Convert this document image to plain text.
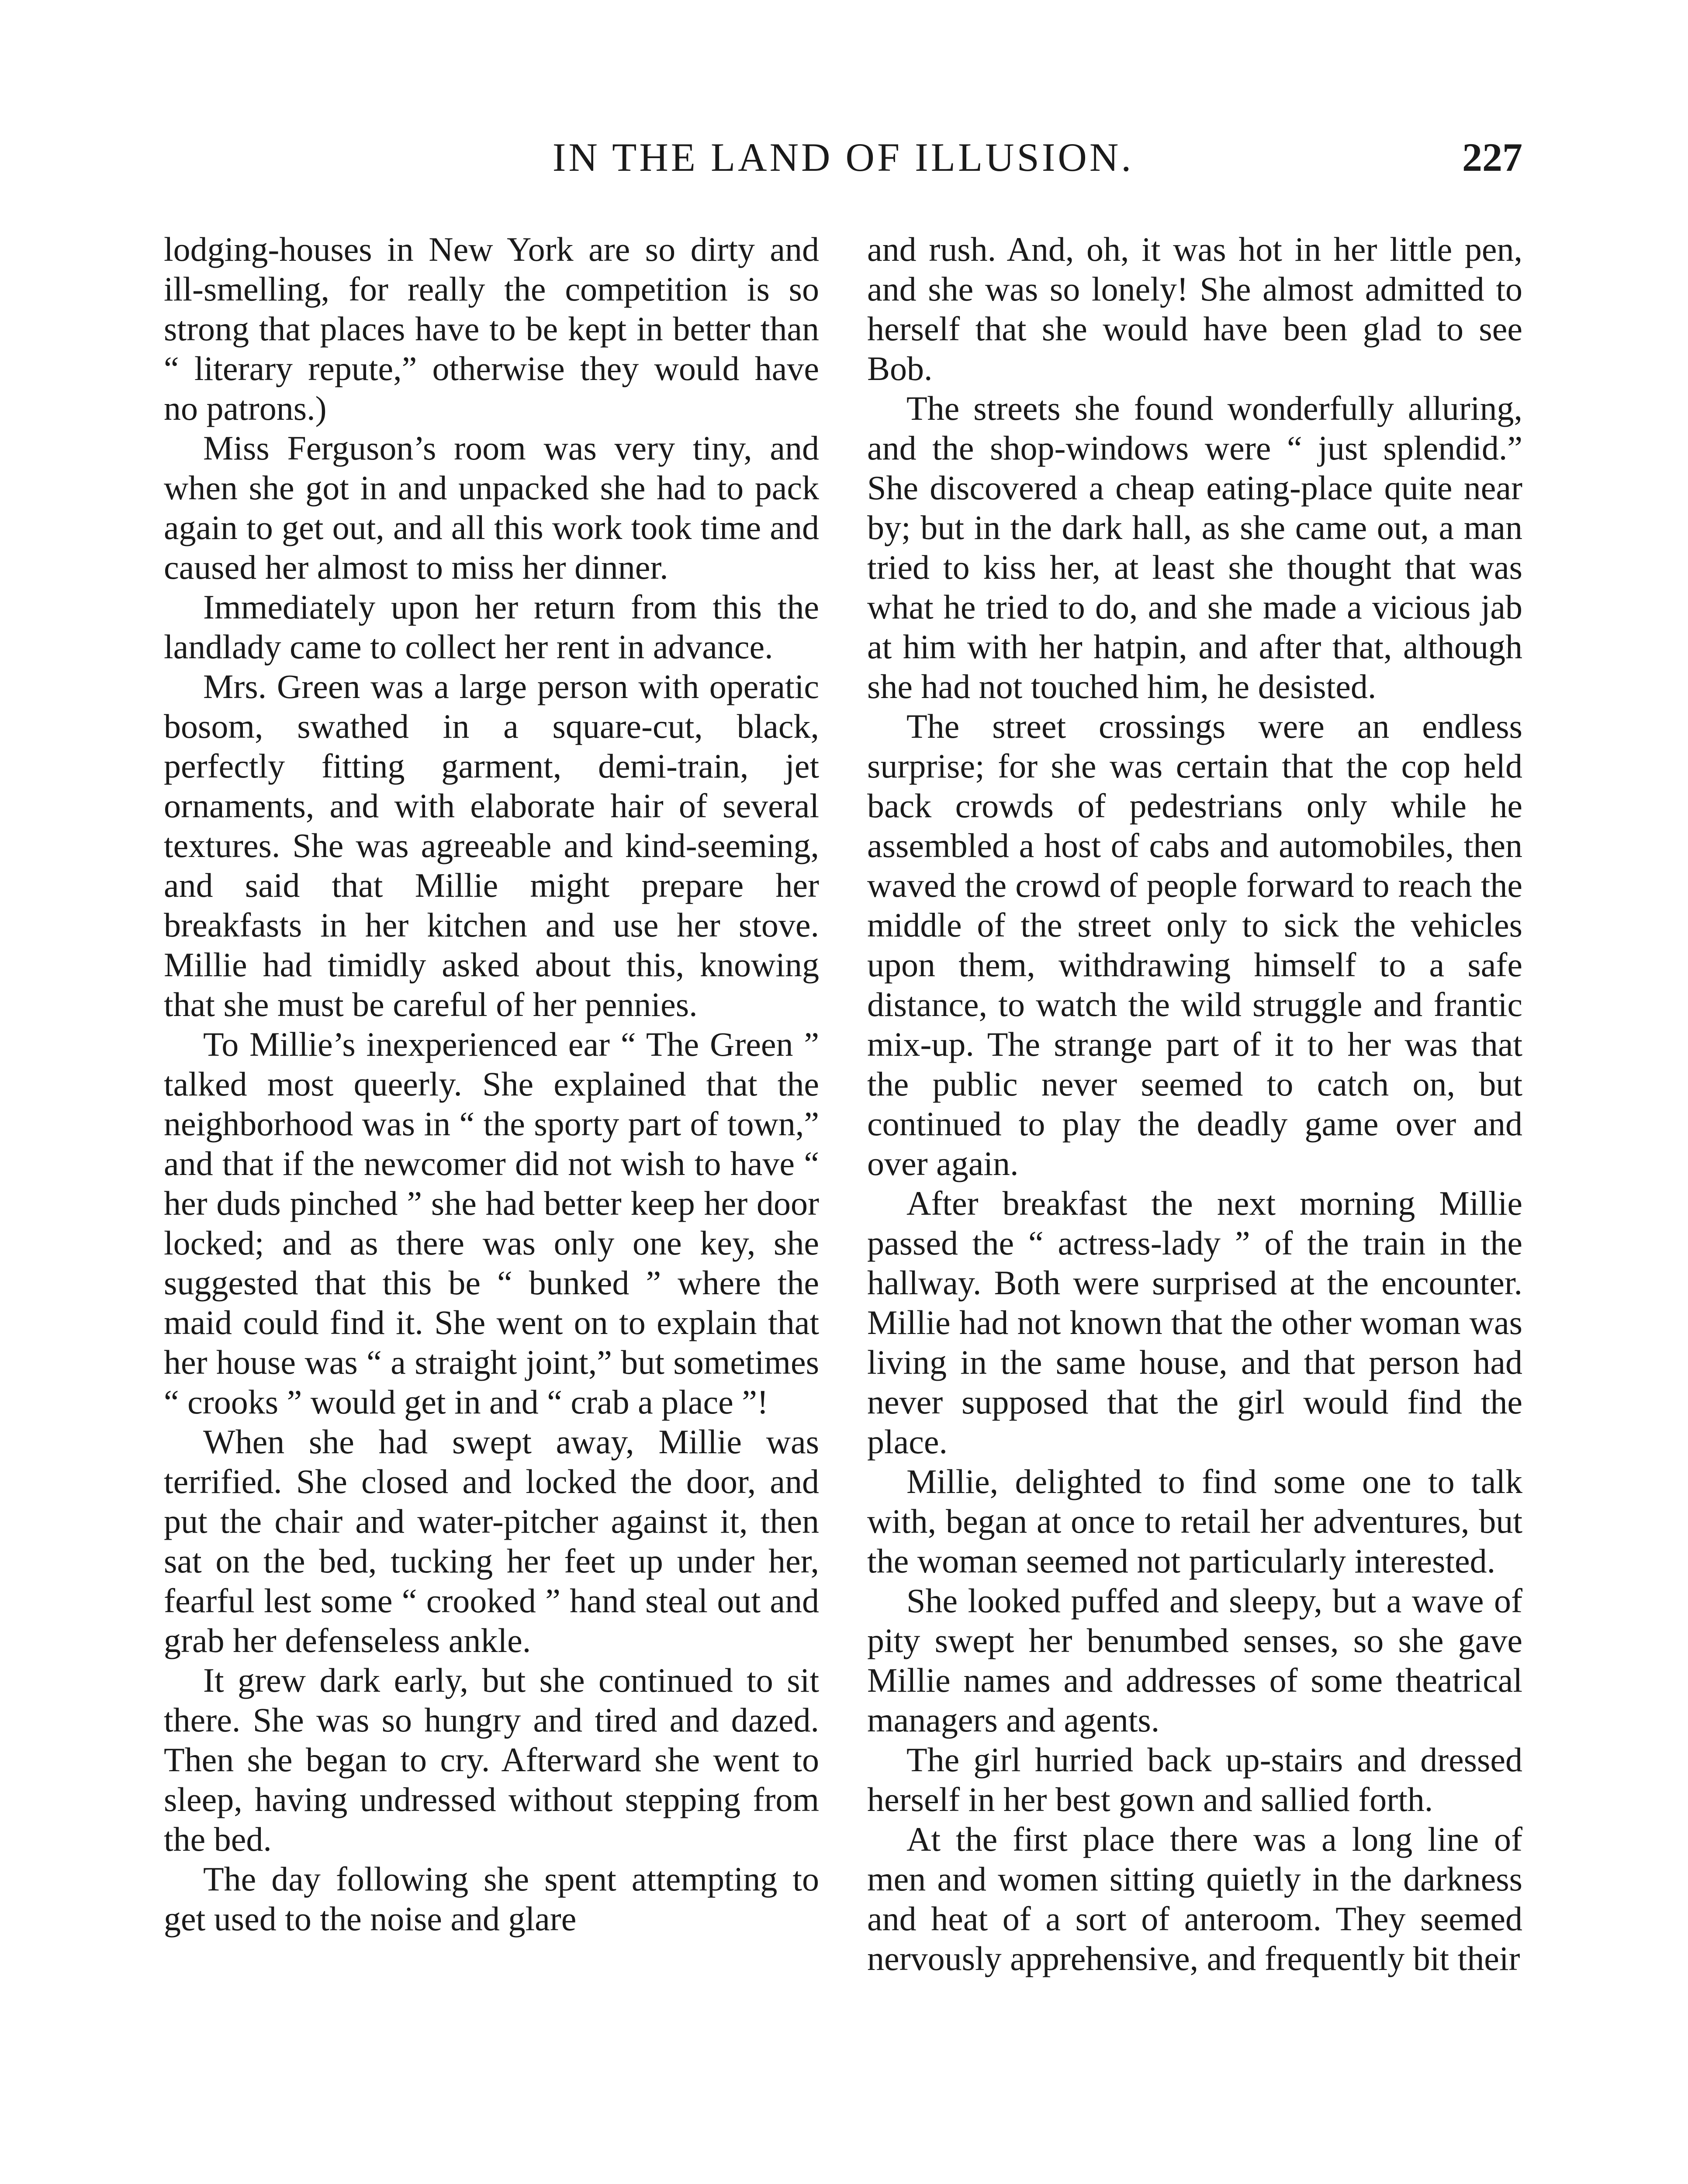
IN THE LAND OF ILLUSION.	227

lodging-houses in New York are so dirty and ill-smelling, for really the competition is so strong that places have to be kept in better than “ literary repute,” otherwise they would have no patrons.)

Miss Ferguson’s room was very tiny, and when she got in and unpacked she had to pack again to get out, and all this work took time and caused her almost to miss her dinner.

Immediately upon her return from this the landlady came to collect her rent in advance.

Mrs. Green was a large person with operatic bosom, swathed in a square-cut, black, perfectly fitting garment, demi-train, jet ornaments, and with elaborate hair of several textures. She was agreeable and kind-seeming, and said that Millie might prepare her breakfasts in her kitchen and use her stove. Millie had timidly asked about this, knowing that she must be careful of her pennies.

To Millie’s inexperienced ear “ The Green ” talked most queerly. She explained that the neighborhood was in “ the sporty part of town,” and that if the newcomer did not wish to have “ her duds pinched ” she had better keep her door locked; and as there was only one key, she suggested that this be “ bunked ” where the maid could find it. She went on to explain that her house was “ a straight joint,” but sometimes “ crooks ” would get in and “ crab a place ”!

When she had swept away, Millie was terrified. She closed and locked the door, and put the chair and water-pitcher against it, then sat on the bed, tucking her feet up under her, fearful lest some “ crooked ” hand steal out and grab her defenseless ankle.

It grew dark early, but she continued to sit there. She was so hungry and tired and dazed. Then she began to cry. Afterward she went to sleep, having undressed without stepping from the bed.

The day following she spent attempting to get used to the noise and glare

and rush. And, oh, it was hot in her little pen, and she was so lonely! She almost admitted to herself that she would have been glad to see Bob.

The streets she found wonderfully alluring, and the shop-windows were “ just splendid.” She discovered a cheap eating-place quite near by; but in the dark hall, as she came out, a man tried to kiss her, at least she thought that was what he tried to do, and she made a vicious jab at him with her hatpin, and after that, although she had not touched him, he desisted.

The street crossings were an endless surprise; for she was certain that the cop held back crowds of pedestrians only while he assembled a host of cabs and automobiles, then waved the crowd of people forward to reach the middle of the street only to sick the vehicles upon them, withdrawing himself to a safe distance, to watch the wild struggle and frantic mix-up. The strange part of it to her was that the public never seemed to catch on, but continued to play the deadly game over and over again.

After breakfast the next morning Millie passed the “ actress-lady ” of the train in the hallway. Both were surprised at the encounter. Millie had not known that the other woman was living in the same house, and that person had never supposed that the girl would find the place.

Millie, delighted to find some one to talk with, began at once to retail her adventures, but the woman seemed not particularly interested.

She looked puffed and sleepy, but a wave of pity swept her benumbed senses, so she gave Millie names and addresses of some theatrical managers and agents.

The girl hurried back up-stairs and dressed herself in her best gown and sallied forth.

At the first place there was a long line of men and women sitting quietly in the darkness and heat of a sort of anteroom. They seemed nervously apprehensive, and frequently bit their
